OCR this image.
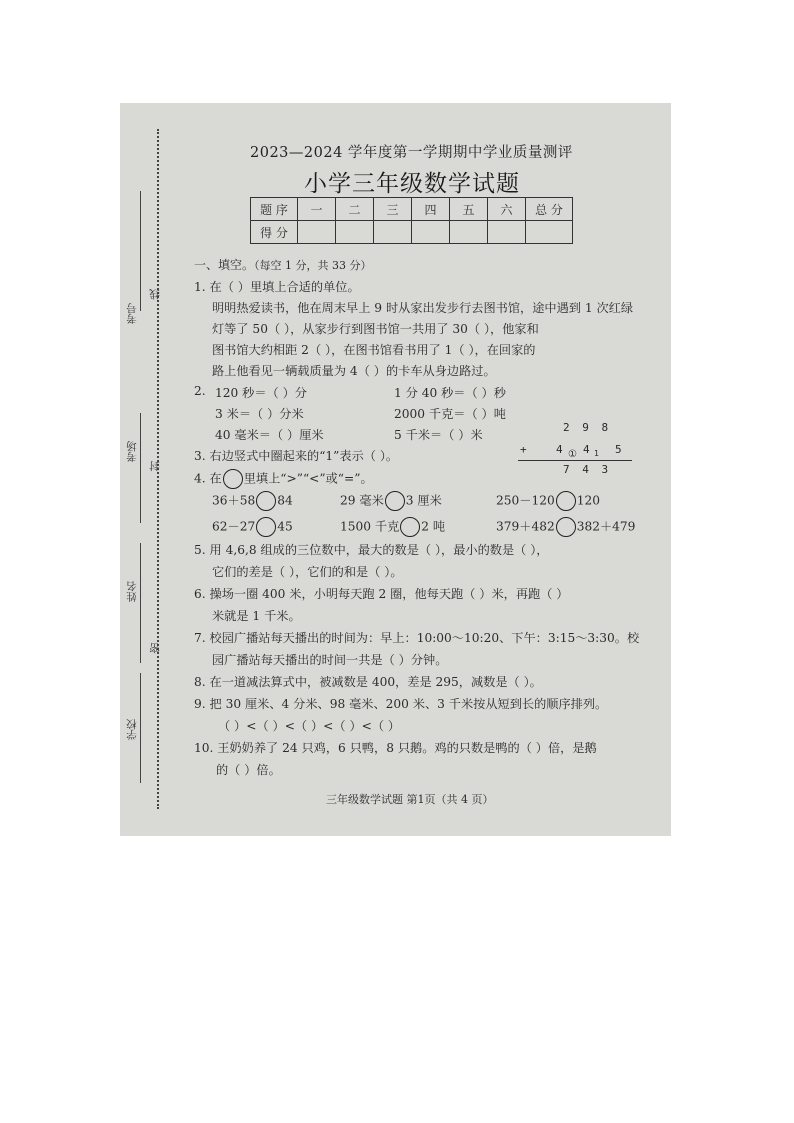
考号
线
考场
封
姓名
密
学校
2023—2024 学年度第一学期期中学业质量测评
小学三年级数学试题
题 序	一	二	三	四	五	六	总 分
得 分							
一、填空。（每空 1 分，共 33 分）
1. 在（ ）里填上合适的单位。
明明热爱读书，他在周末早上 9 时从家出发步行去图书馆，途中遇到 1 次红绿
灯等了 50（ ），从家步行到图书馆一共用了 30（ ），他家和
图书馆大约相距 2（ ），在图书馆看书用了 1（ ），在回家的
路上他看见一辆载质量为 4（ ）的卡车从身边路过。
2. 120 秒＝（ ）分	1 分 40 秒＝（ ）秒
3 米＝（ ）分米	2000 千克＝（ ）吨
40 毫米＝（ ）厘米	5 千米＝（ ）米
2 9 8
+	4 ① 4 1 5
7 4 3
3. 右边竖式中圈起来的“1”表示（ ）。
4. 在 里填上“>”“<”或“=”。
36＋58 84	29 毫米 3 厘米	250－120 120
62－27 45	1500 千克 2 吨	379＋482 382＋479
5. 用 4,6,8 组成的三位数中，最大的数是（ ），最小的数是（ ），
它们的差是（ ），它们的和是（ ）。
6. 操场一圈 400 米，小明每天跑 2 圈，他每天跑（ ）米，再跑（ ）
米就是 1 千米。
7. 校园广播站每天播出的时间为：早上：10:00～10:20、下午：3:15～3:30。校
园广播站每天播出的时间一共是（ ）分钟。
8. 在一道减法算式中，被减数是 400，差是 295，减数是（ ）。
9. 把 30 厘米、4 分米、98 毫米、200 米、3 千米按从短到长的顺序排列。
（ ）<（ ）<（ ）<（ ）<（ ）
10. 王奶奶养了 24 只鸡，6 只鸭，8 只鹅。鸡的只数是鸭的（ ）倍，是鹅
的（ ）倍。
三年级数学试题 第1页（共 4 页）
